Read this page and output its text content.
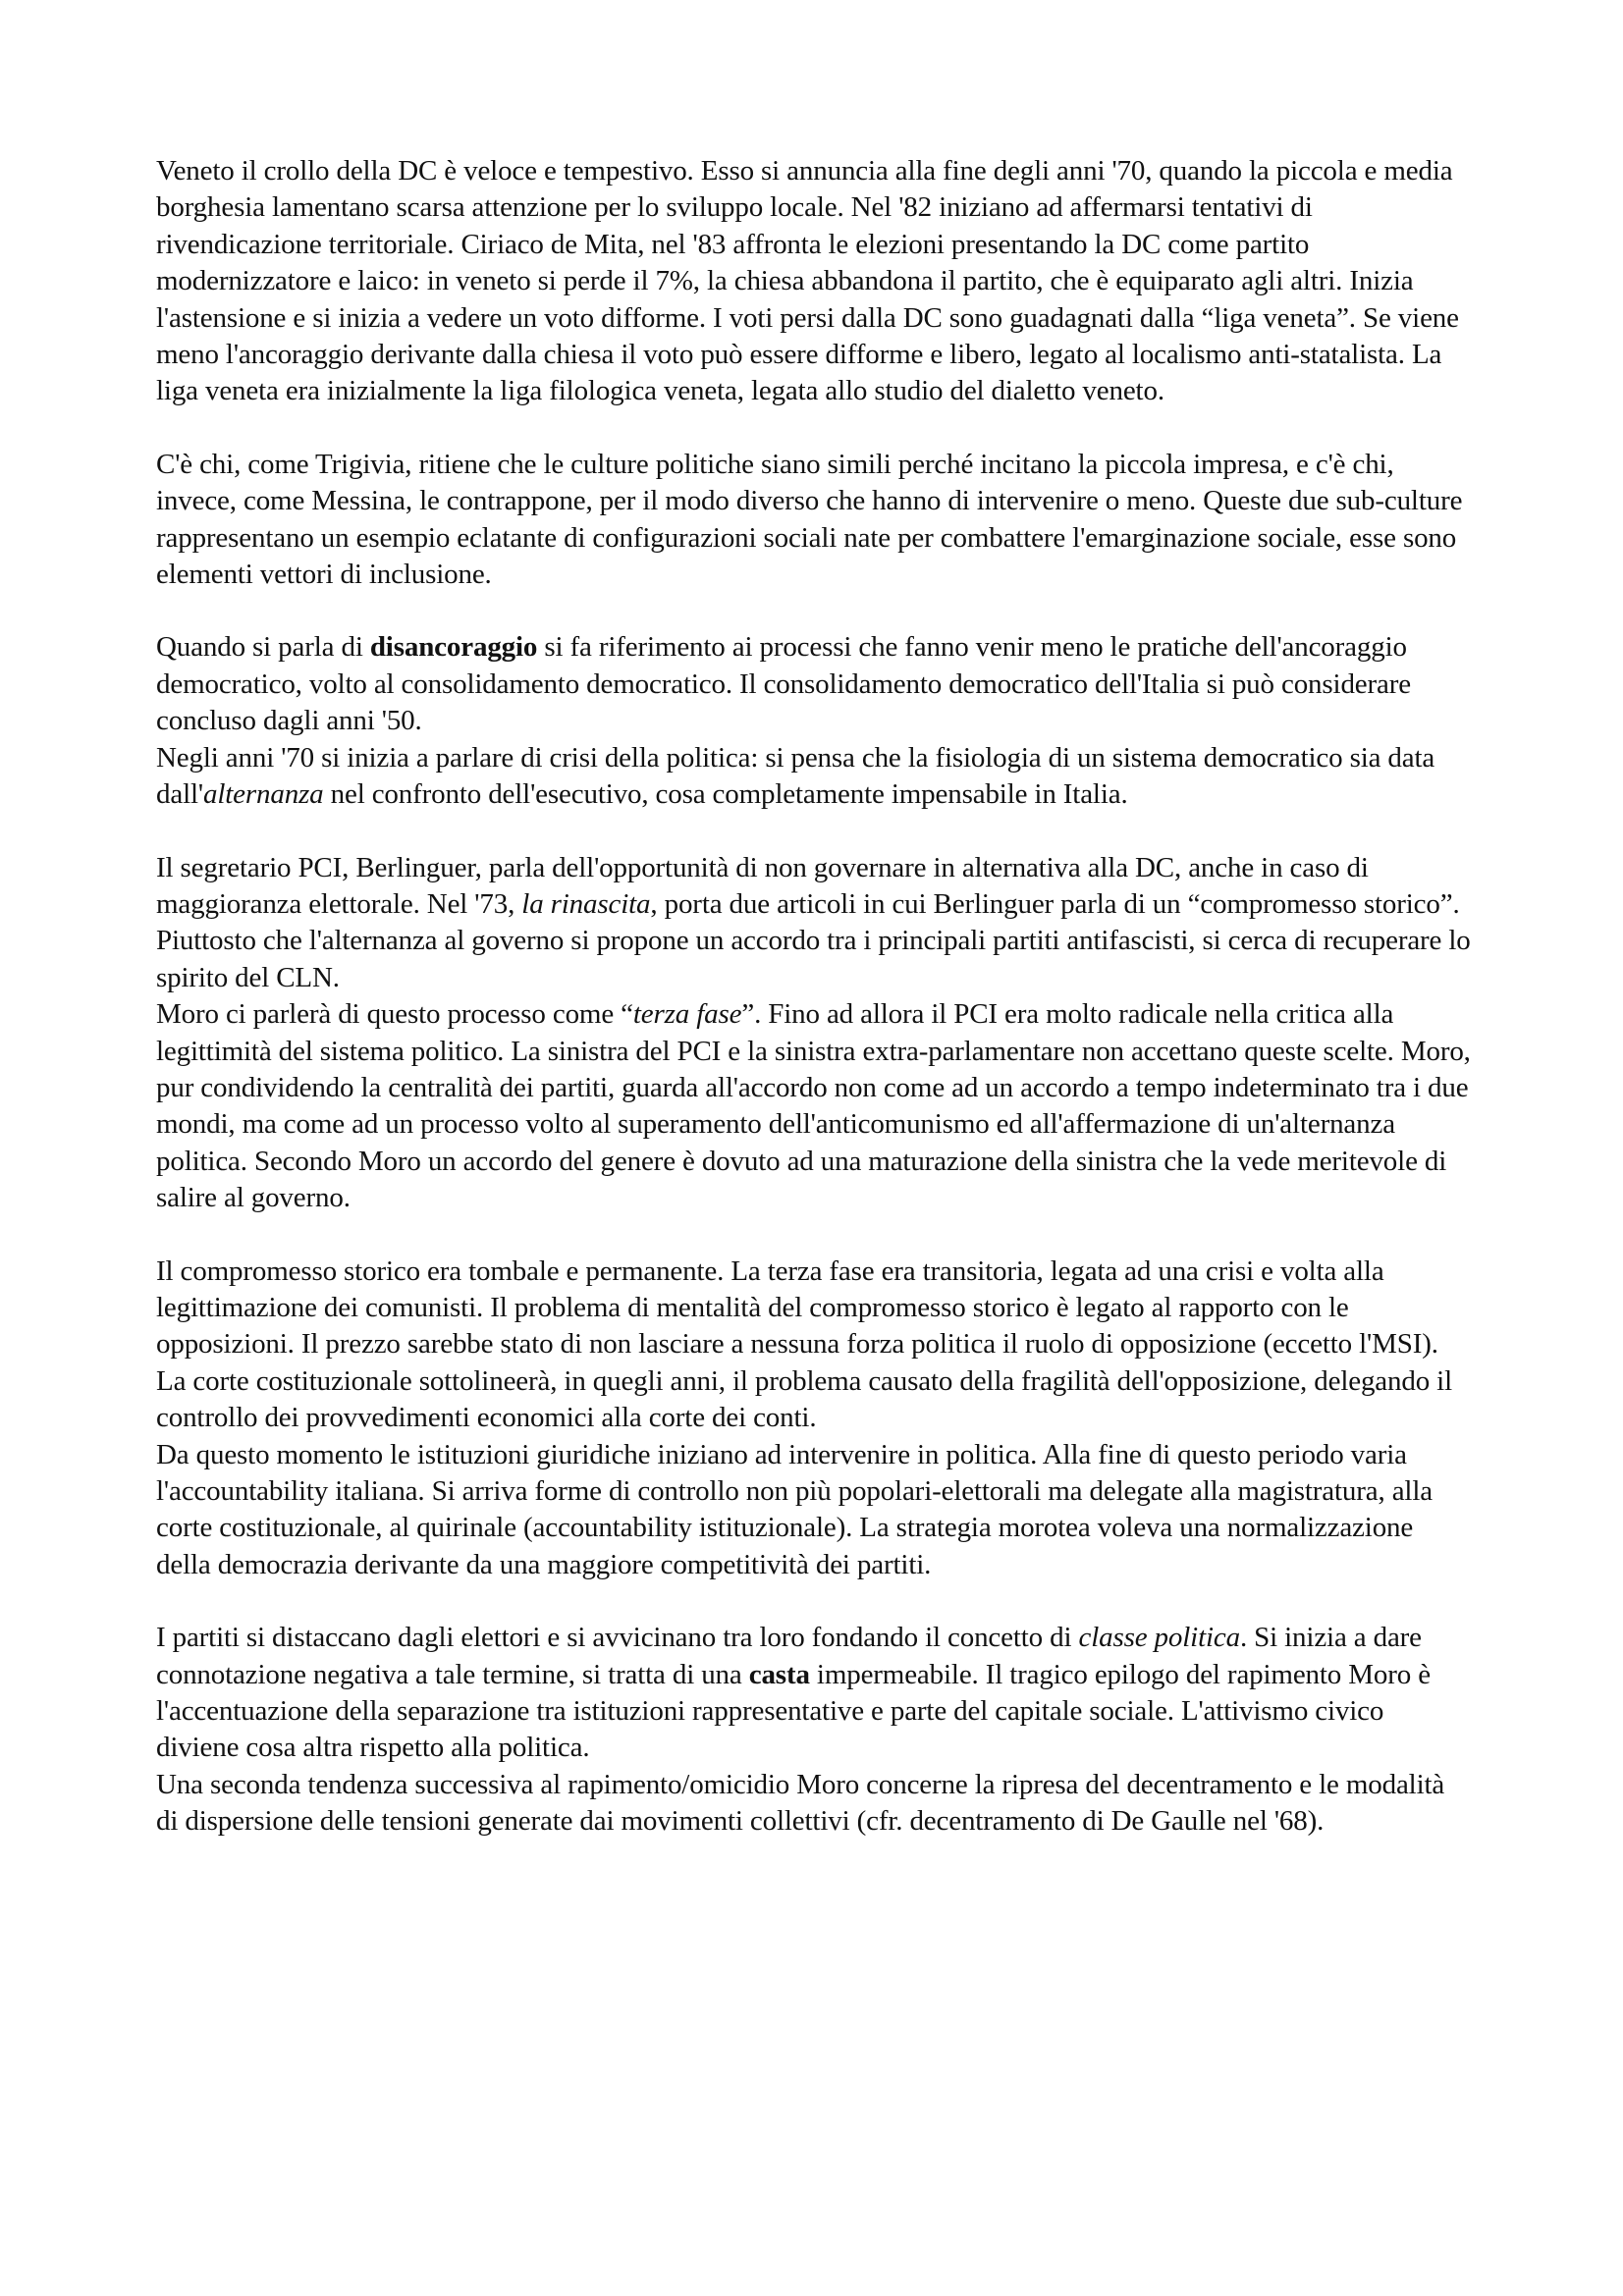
Veneto il crollo della DC è veloce e tempestivo. Esso si annuncia alla fine degli anni '70, quando la piccola e media borghesia lamentano scarsa attenzione per lo sviluppo locale. Nel '82 iniziano ad affermarsi tentativi di rivendicazione territoriale. Ciriaco de Mita, nel '83 affronta le elezioni presentando la DC come partito modernizzatore e laico: in veneto si perde il 7%, la chiesa abbandona il partito, che è equiparato agli altri. Inizia l'astensione e si inizia a vedere un voto difforme. I voti persi dalla DC sono guadagnati dalla “liga veneta”. Se viene meno l'ancoraggio derivante dalla chiesa il voto può essere difforme e libero, legato al localismo anti-statalista. La liga veneta era inizialmente la liga filologica veneta, legata allo studio del dialetto veneto.

C'è chi, come Trigivia, ritiene che le culture politiche siano simili perché incitano la piccola impresa, e c'è chi, invece, come Messina, le contrappone, per il modo diverso che hanno di intervenire o meno. Queste due sub-culture rappresentano un esempio eclatante di configurazioni sociali nate per combattere l'emarginazione sociale, esse sono elementi vettori di inclusione.

Quando si parla di disancoraggio si fa riferimento ai processi che fanno venir meno le pratiche dell'ancoraggio democratico, volto al consolidamento democratico. Il consolidamento democratico dell'Italia si può considerare concluso dagli anni '50.

Negli anni '70 si inizia a parlare di crisi della politica: si pensa che la fisiologia di un sistema democratico sia data dall'alternanza nel confronto dell'esecutivo, cosa completamente impensabile in Italia.

Il segretario PCI, Berlinguer, parla dell'opportunità di non governare in alternativa alla DC, anche in caso di maggioranza elettorale. Nel '73, la rinascita, porta due articoli in cui Berlinguer parla di un “compromesso storico”. Piuttosto che l'alternanza al governo si propone un accordo tra i principali partiti antifascisti, si cerca di recuperare lo spirito del CLN.

Moro ci parlerà di questo processo come “terza fase”. Fino ad allora il PCI era molto radicale nella critica alla legittimità del sistema politico. La sinistra del PCI e la sinistra extra-parlamentare non accettano queste scelte. Moro, pur condividendo la centralità dei partiti, guarda all'accordo non come ad un accordo a tempo indeterminato tra i due mondi, ma come ad un processo volto al superamento dell'anticomunismo ed all'affermazione di un'alternanza politica. Secondo Moro un accordo del genere è dovuto ad una maturazione della sinistra che la vede meritevole di salire al governo.

Il compromesso storico era tombale e permanente. La terza fase era transitoria, legata ad una crisi e volta alla legittimazione dei comunisti. Il problema di mentalità del compromesso storico è legato al rapporto con le opposizioni. Il prezzo sarebbe stato di non lasciare a nessuna forza politica il ruolo di opposizione (eccetto l'MSI). La corte costituzionale sottolineerà, in quegli anni, il problema causato della fragilità dell'opposizione, delegando il controllo dei provvedimenti economici alla corte dei conti.

Da questo momento le istituzioni giuridiche iniziano ad intervenire in politica. Alla fine di questo periodo varia l'accountability italiana. Si arriva forme di controllo non più popolari-elettorali ma delegate alla magistratura, alla corte costituzionale, al quirinale (accountability istituzionale). La strategia morotea voleva una normalizzazione della democrazia derivante da una maggiore competitività dei partiti.

I partiti si distaccano dagli elettori e si avvicinano tra loro fondando il concetto di classe politica. Si inizia a dare connotazione negativa a tale termine, si tratta di una casta impermeabile. Il tragico epilogo del rapimento Moro è l'accentuazione della separazione tra istituzioni rappresentative e parte del capitale sociale. L'attivismo civico diviene cosa altra rispetto alla politica.

Una seconda tendenza successiva al rapimento/omicidio Moro concerne la ripresa del decentramento e le modalità di dispersione delle tensioni generate dai movimenti collettivi (cfr. decentramento di De Gaulle nel '68).
